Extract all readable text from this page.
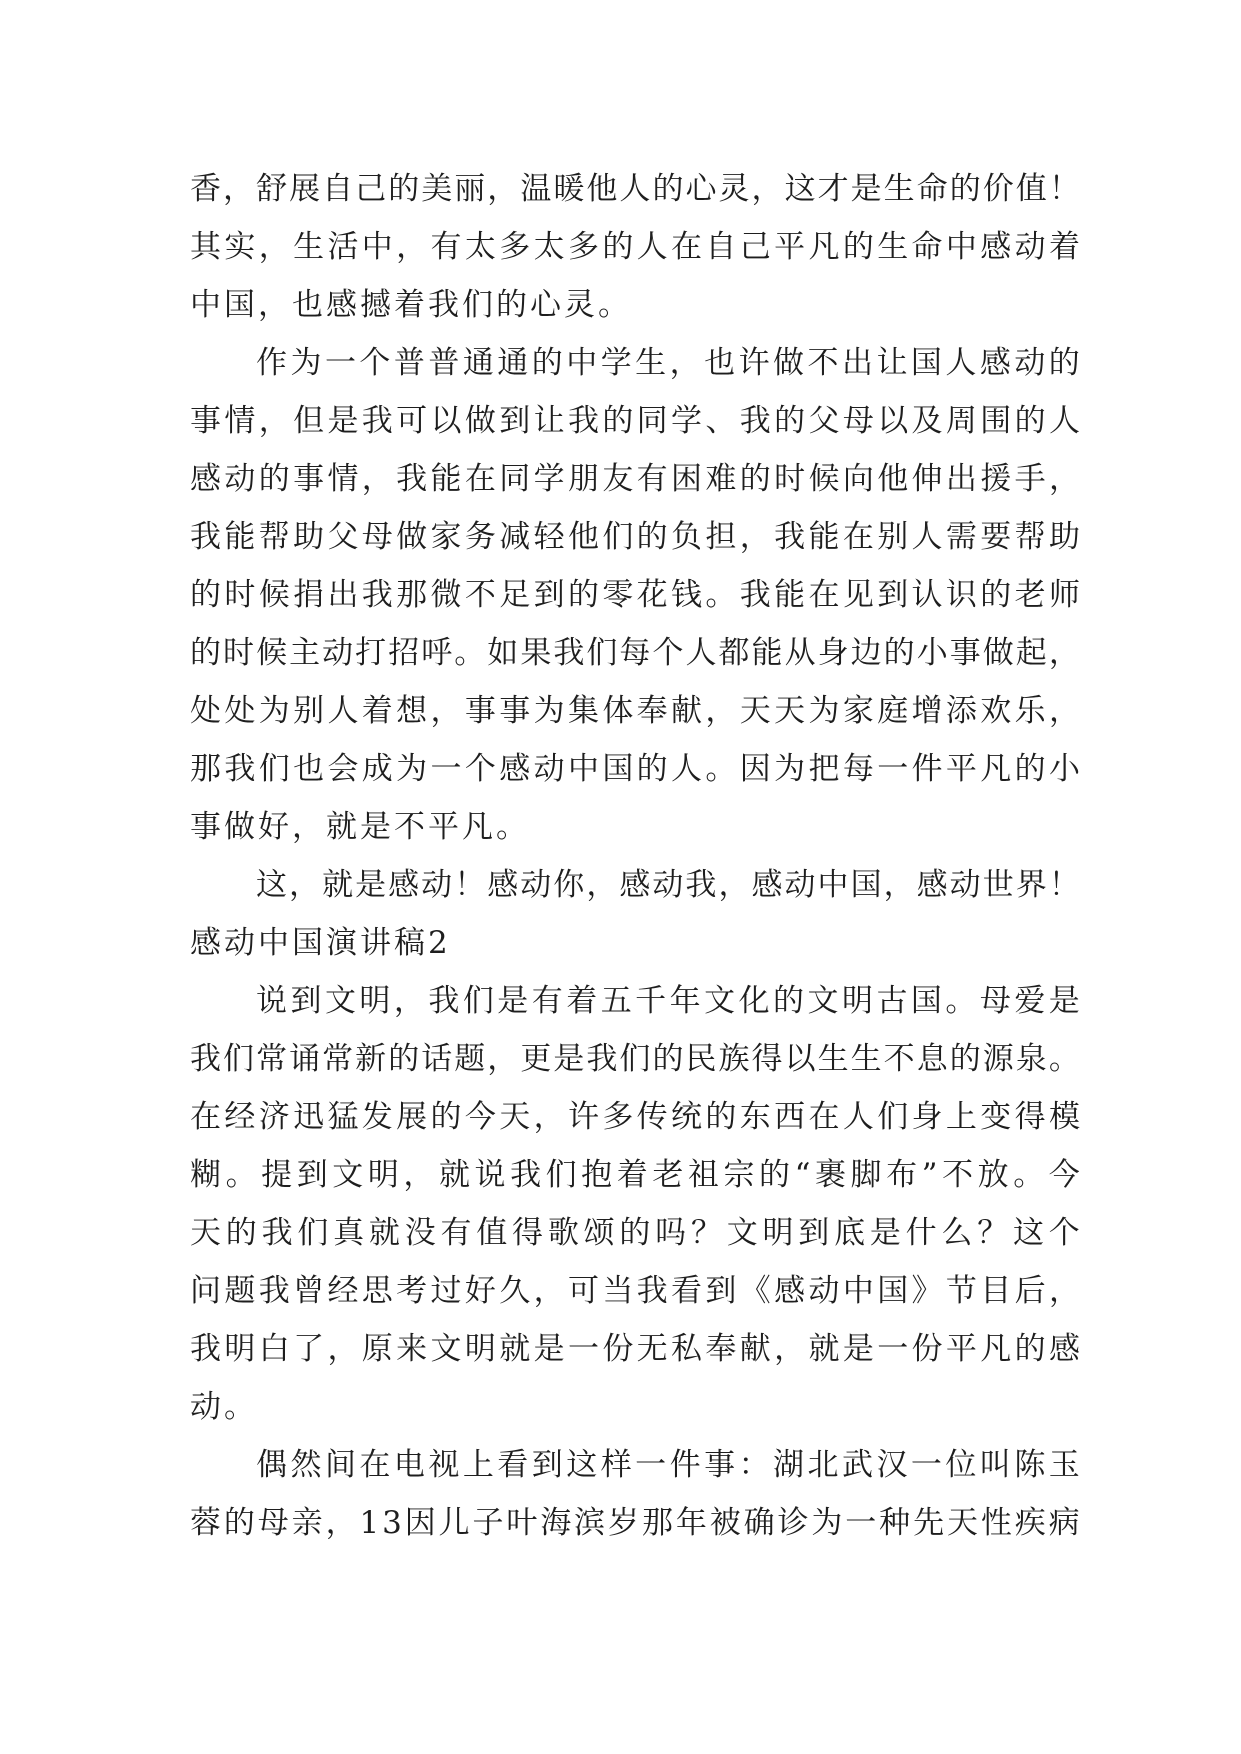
香 ， 舒 展 自 己 的 美 丽 ， 温 暖 他 人 的 心 灵 ， 这 才 是 生 命 的 价 值 ！
其 实 ， 生 活 中 ， 有 太 多 太 多 的 人 在 自 己 平 凡 的 生 命 中 感 动 着
中国，也感撼着我们的心灵。
作 为 一 个 普 普 通 通 的 中 学 生 ， 也 许 做 不 出 让 国 人 感 动 的
事 情 ， 但 是 我 可 以 做 到 让 我 的 同 学 、 我 的 父 母 以 及 周 围 的 人
感 动 的 事 情 ， 我 能 在 同 学 朋 友 有 困 难 的 时 候 向 他 伸 出 援 手 ，
我 能 帮 助 父 母 做 家 务 减 轻 他 们 的 负 担 ， 我 能 在 别 人 需 要 帮 助
的 时 候 捐 出 我 那 微 不 足 到 的 零 花 钱 。 我 能 在 见 到 认 识 的 老 师
的 时 候 主 动 打 招 呼 。 如 果 我 们 每 个 人 都 能 从 身 边 的 小 事 做 起 ，
处 处 为 别 人 着 想 ， 事 事 为 集 体 奉 献 ， 天 天 为 家 庭 增 添 欢 乐 ，
那 我 们 也 会 成 为 一 个 感 动 中 国 的 人 。 因 为 把 每 一 件 平 凡 的 小
事做好，就是不平凡。
这 ， 就 是 感 动 ！ 感 动 你 ， 感 动 我 ， 感 动 中 国 ， 感 动 世 界 ！
感动中国演讲稿2
说 到 文 明 ， 我 们 是 有 着 五 千 年 文 化 的 文 明 古 国 。 母 爱 是
我 们 常 诵 常 新 的 话 题 ， 更 是 我 们 的 民 族 得 以 生 生 不 息 的 源 泉 。
在 经 济 迅 猛 发 展 的 今 天 ， 许 多 传 统 的 东 西 在 人 们 身 上 变 得 模
糊 。 提 到 文 明 ， 就 说 我 们 抱 着 老 祖 宗 的 “ 裹 脚 布 ” 不 放 。 今
天 的 我 们 真 就 没 有 值 得 歌 颂 的 吗 ？ 文 明 到 底 是 什 么 ？ 这 个
问 题 我 曾 经 思 考 过 好 久 ， 可 当 我 看 到 《 感 动 中 国 》 节 目 后 ，
我 明 白 了 ， 原 来 文 明 就 是 一 份 无 私 奉 献 ， 就 是 一 份 平 凡 的 感
动。
偶 然 间 在 电 视 上 看 到 这 样 一 件 事 ： 湖 北 武 汉 一 位 叫 陈 玉
蓉 的 母 亲 ， 1 3 因 儿 子 叶 海 滨 岁 那 年 被 确 诊 为 一 种 先 天 性 疾 病
